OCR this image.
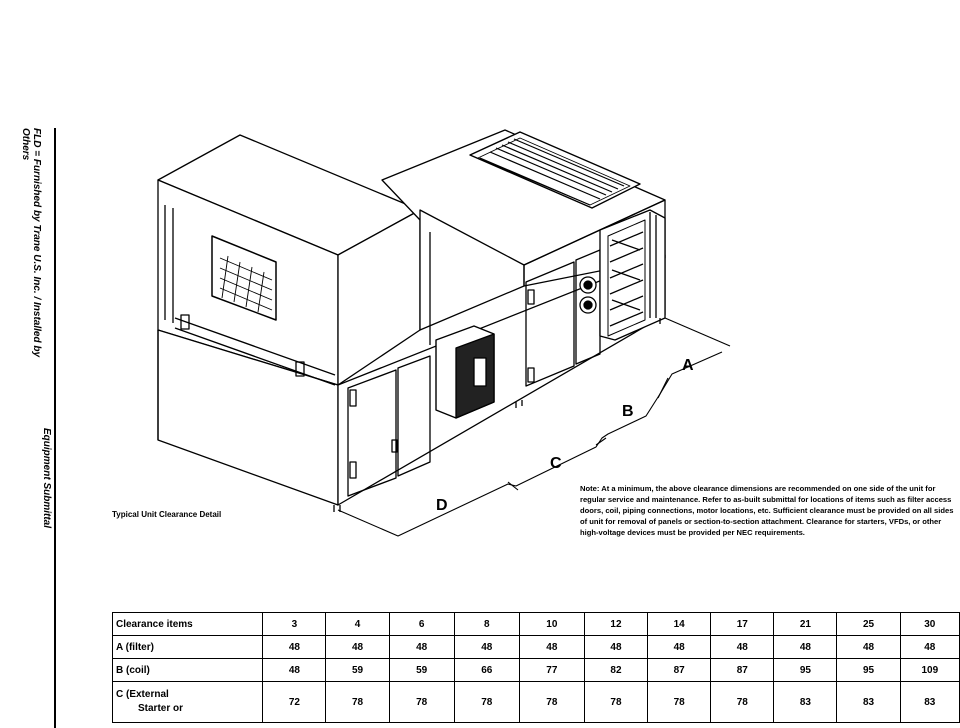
FLD = Furnished by Trane U.S. Inc. / Installed by
Others
Equipment Submittal
A
B
C
D
Typical Unit Clearance Detail

Note: At a minimum, the above clearance dimensions are recommended on one side of the unit for regular service and maintenance. Refer to as-built submittal for locations of items such as filter access doors, coil, piping connections, motor locations, etc. Sufficient clearance must be provided on all sides of unit for removal of panels or section-to-section attachment. Clearance for starters, VFDs, or other high-voltage devices must be provided per NEC requirements.

Clearance items	3	4	6	8	10	12	14	17	21	25	30
A (filter)	48	48	48	48	48	48	48	48	48	48	48
B (coil)	48	59	59	66	77	82	87	87	95	95	109

C (External
Starter or	72	78	78	78	78	78	78	78	83	83	83
